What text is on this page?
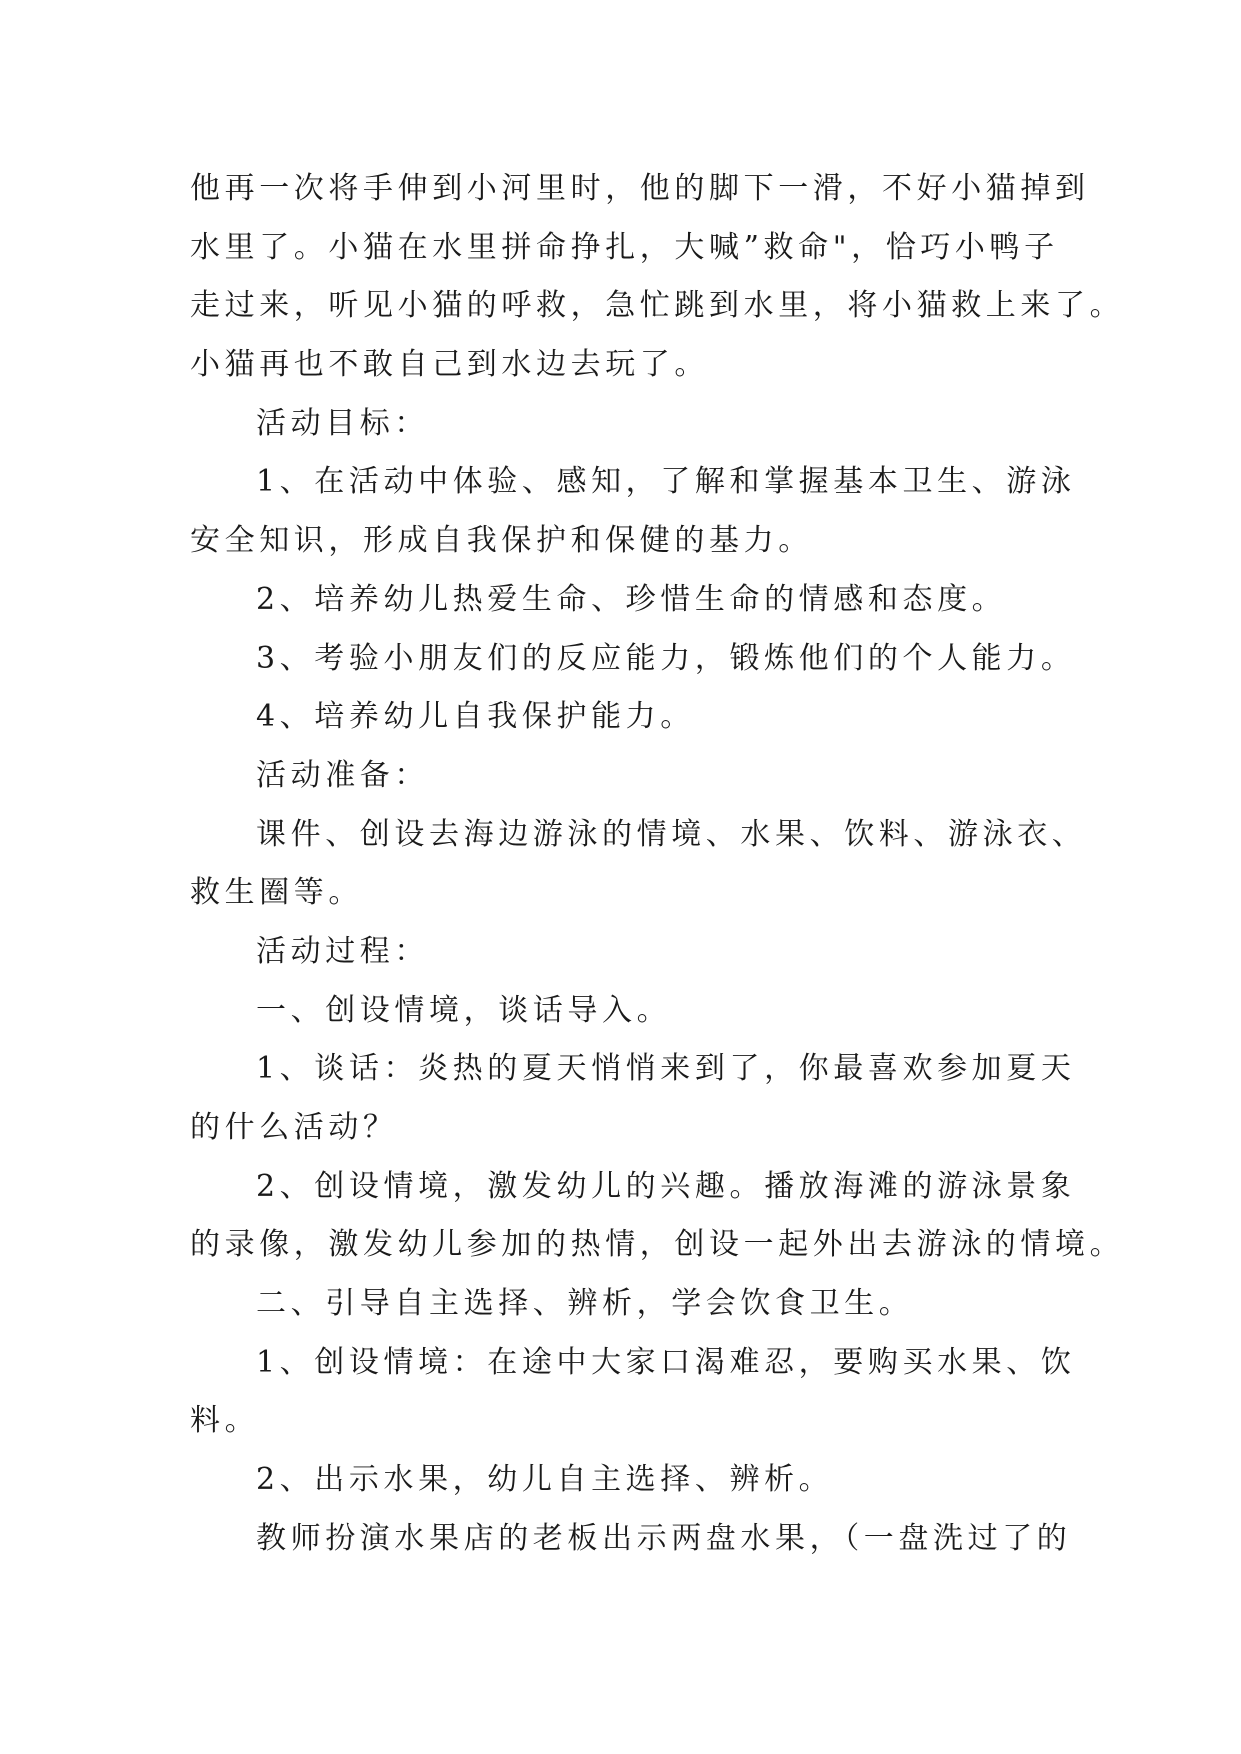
他再一次将手伸到小河里时，他的脚下一滑，不好小猫掉到
水里了。小猫在水里拼命挣扎，大喊”救命"，恰巧小鸭子
走过来，听见小猫的呼救，急忙跳到水里，将小猫救上来了。
小猫再也不敢自己到水边去玩了。
活动目标：
1、在活动中体验、感知，了解和掌握基本卫生、游泳
安全知识，形成自我保护和保健的基力。
2、培养幼儿热爱生命、珍惜生命的情感和态度。
3、考验小朋友们的反应能力，锻炼他们的个人能力。
4、培养幼儿自我保护能力。
活动准备：
课件、创设去海边游泳的情境、水果、饮料、游泳衣、
救生圈等。
活动过程：
一、创设情境，谈话导入。
1、谈话：炎热的夏天悄悄来到了，你最喜欢参加夏天
的什么活动？
2、创设情境，激发幼儿的兴趣。播放海滩的游泳景象
的录像，激发幼儿参加的热情，创设一起外出去游泳的情境。
二、引导自主选择、辨析，学会饮食卫生。
1、创设情境：在途中大家口渴难忍，要购买水果、饮
料。
2、出示水果，幼儿自主选择、辨析。
教师扮演水果店的老板出示两盘水果，（一盘洗过了的
